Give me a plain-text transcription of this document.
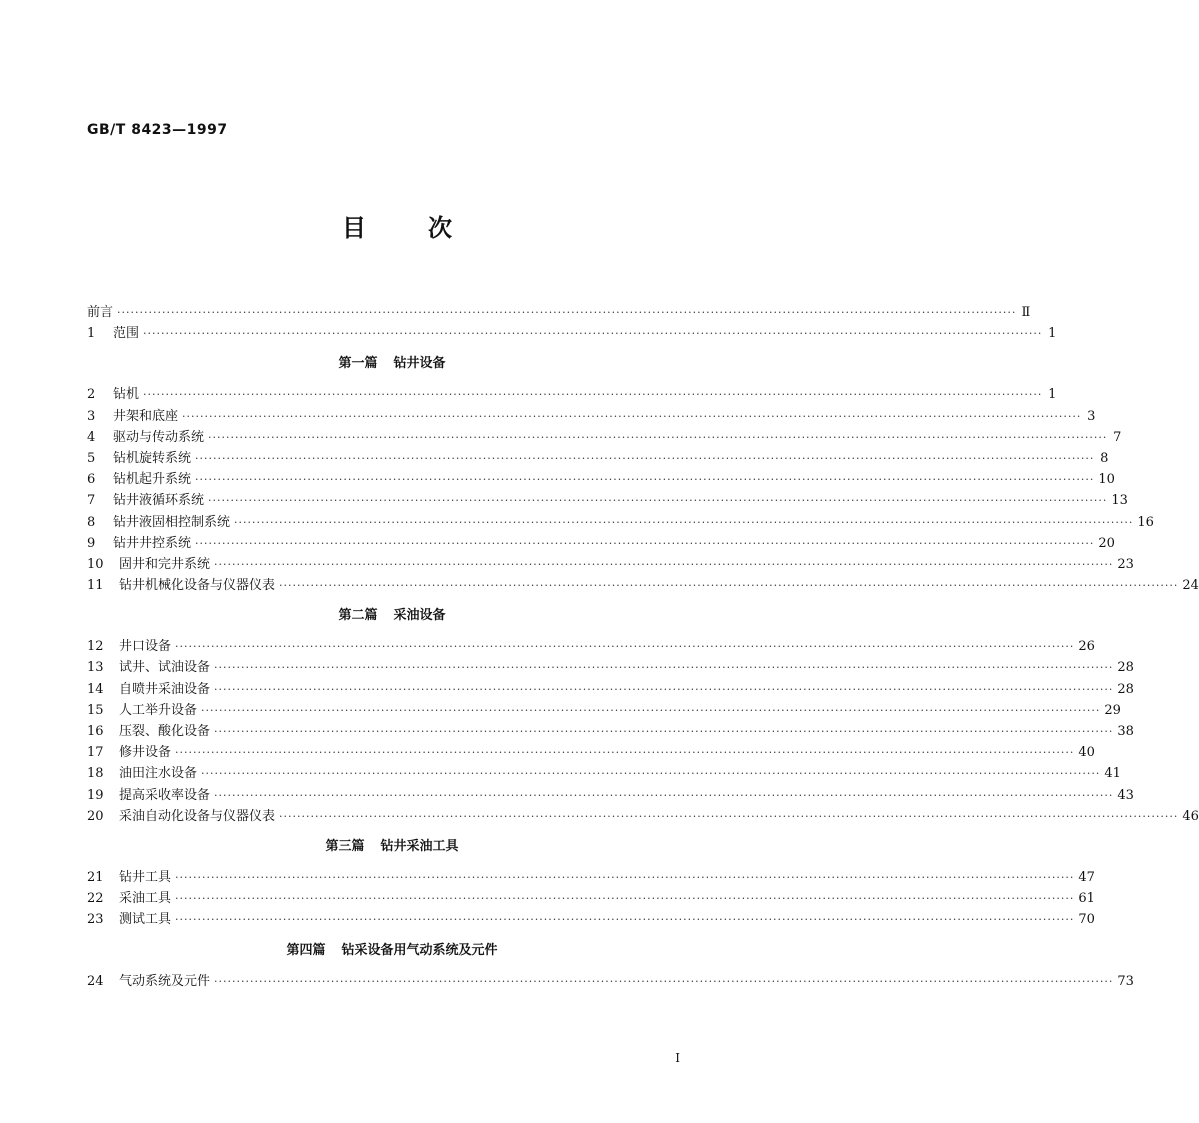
GB/T 8423—1997
目	次
前言 ········································································································································································································ Ⅱ
1	范围 ········································································································································································································ 1
第一篇 钻井设备
2	钻机 ········································································································································································································ 1
3	井架和底座 ········································································································································································································ 3
4	驱动与传动系统 ········································································································································································································ 7
5	钻机旋转系统 ········································································································································································································ 8
6	钻机起升系统 ········································································································································································································ 10
7	钻井液循环系统 ········································································································································································································ 13
8	钻井液固相控制系统 ········································································································································································································ 16
9	钻井井控系统 ········································································································································································································ 20
10	固井和完井系统 ········································································································································································································ 23
11	钻井机械化设备与仪器仪表 ········································································································································································································ 24
第二篇 采油设备
12	井口设备 ········································································································································································································ 26
13	试井、试油设备 ········································································································································································································ 28
14	自喷井采油设备 ········································································································································································································ 28
15	人工举升设备 ········································································································································································································ 29
16	压裂、酸化设备 ········································································································································································································ 38
17	修井设备 ········································································································································································································ 40
18	油田注水设备 ········································································································································································································ 41
19	提高采收率设备 ········································································································································································································ 43
20	采油自动化设备与仪器仪表 ········································································································································································································ 46
第三篇 钻井采油工具
21	钻井工具 ········································································································································································································ 47
22	采油工具 ········································································································································································································ 61
23	测试工具 ········································································································································································································ 70
第四篇 钻采设备用气动系统及元件
24	气动系统及元件 ········································································································································································································ 73
I
